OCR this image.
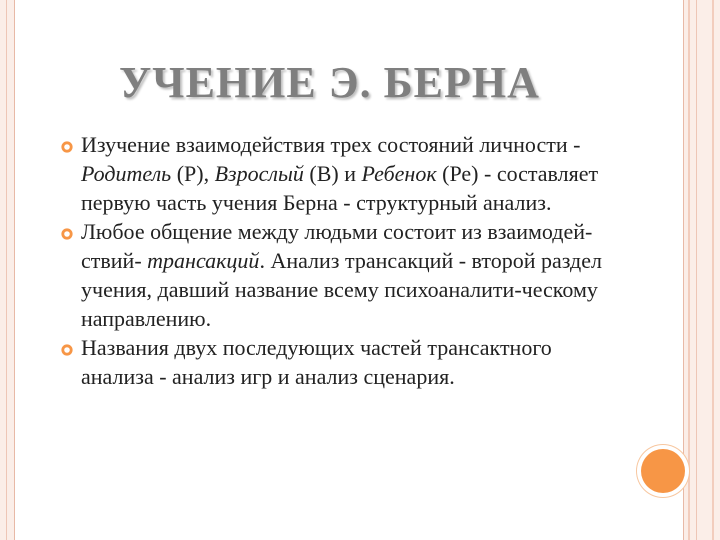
УЧЕНИЕ Э. БЕРНА
Изучение взаимодействия трех состояний личности - Родитель (Р), Взрослый (В) и Ребенок (Ре) - составляет первую часть учения Берна - структурный анализ.
Любое общение между людьми состоит из взаимодей-ствий- трансакций. Анализ трансакций - второй раздел учения, давший название всему психоаналити-ческому направлению.
Названия двух последующих частей трансактного анализа - анализ игр и анализ сценария.
